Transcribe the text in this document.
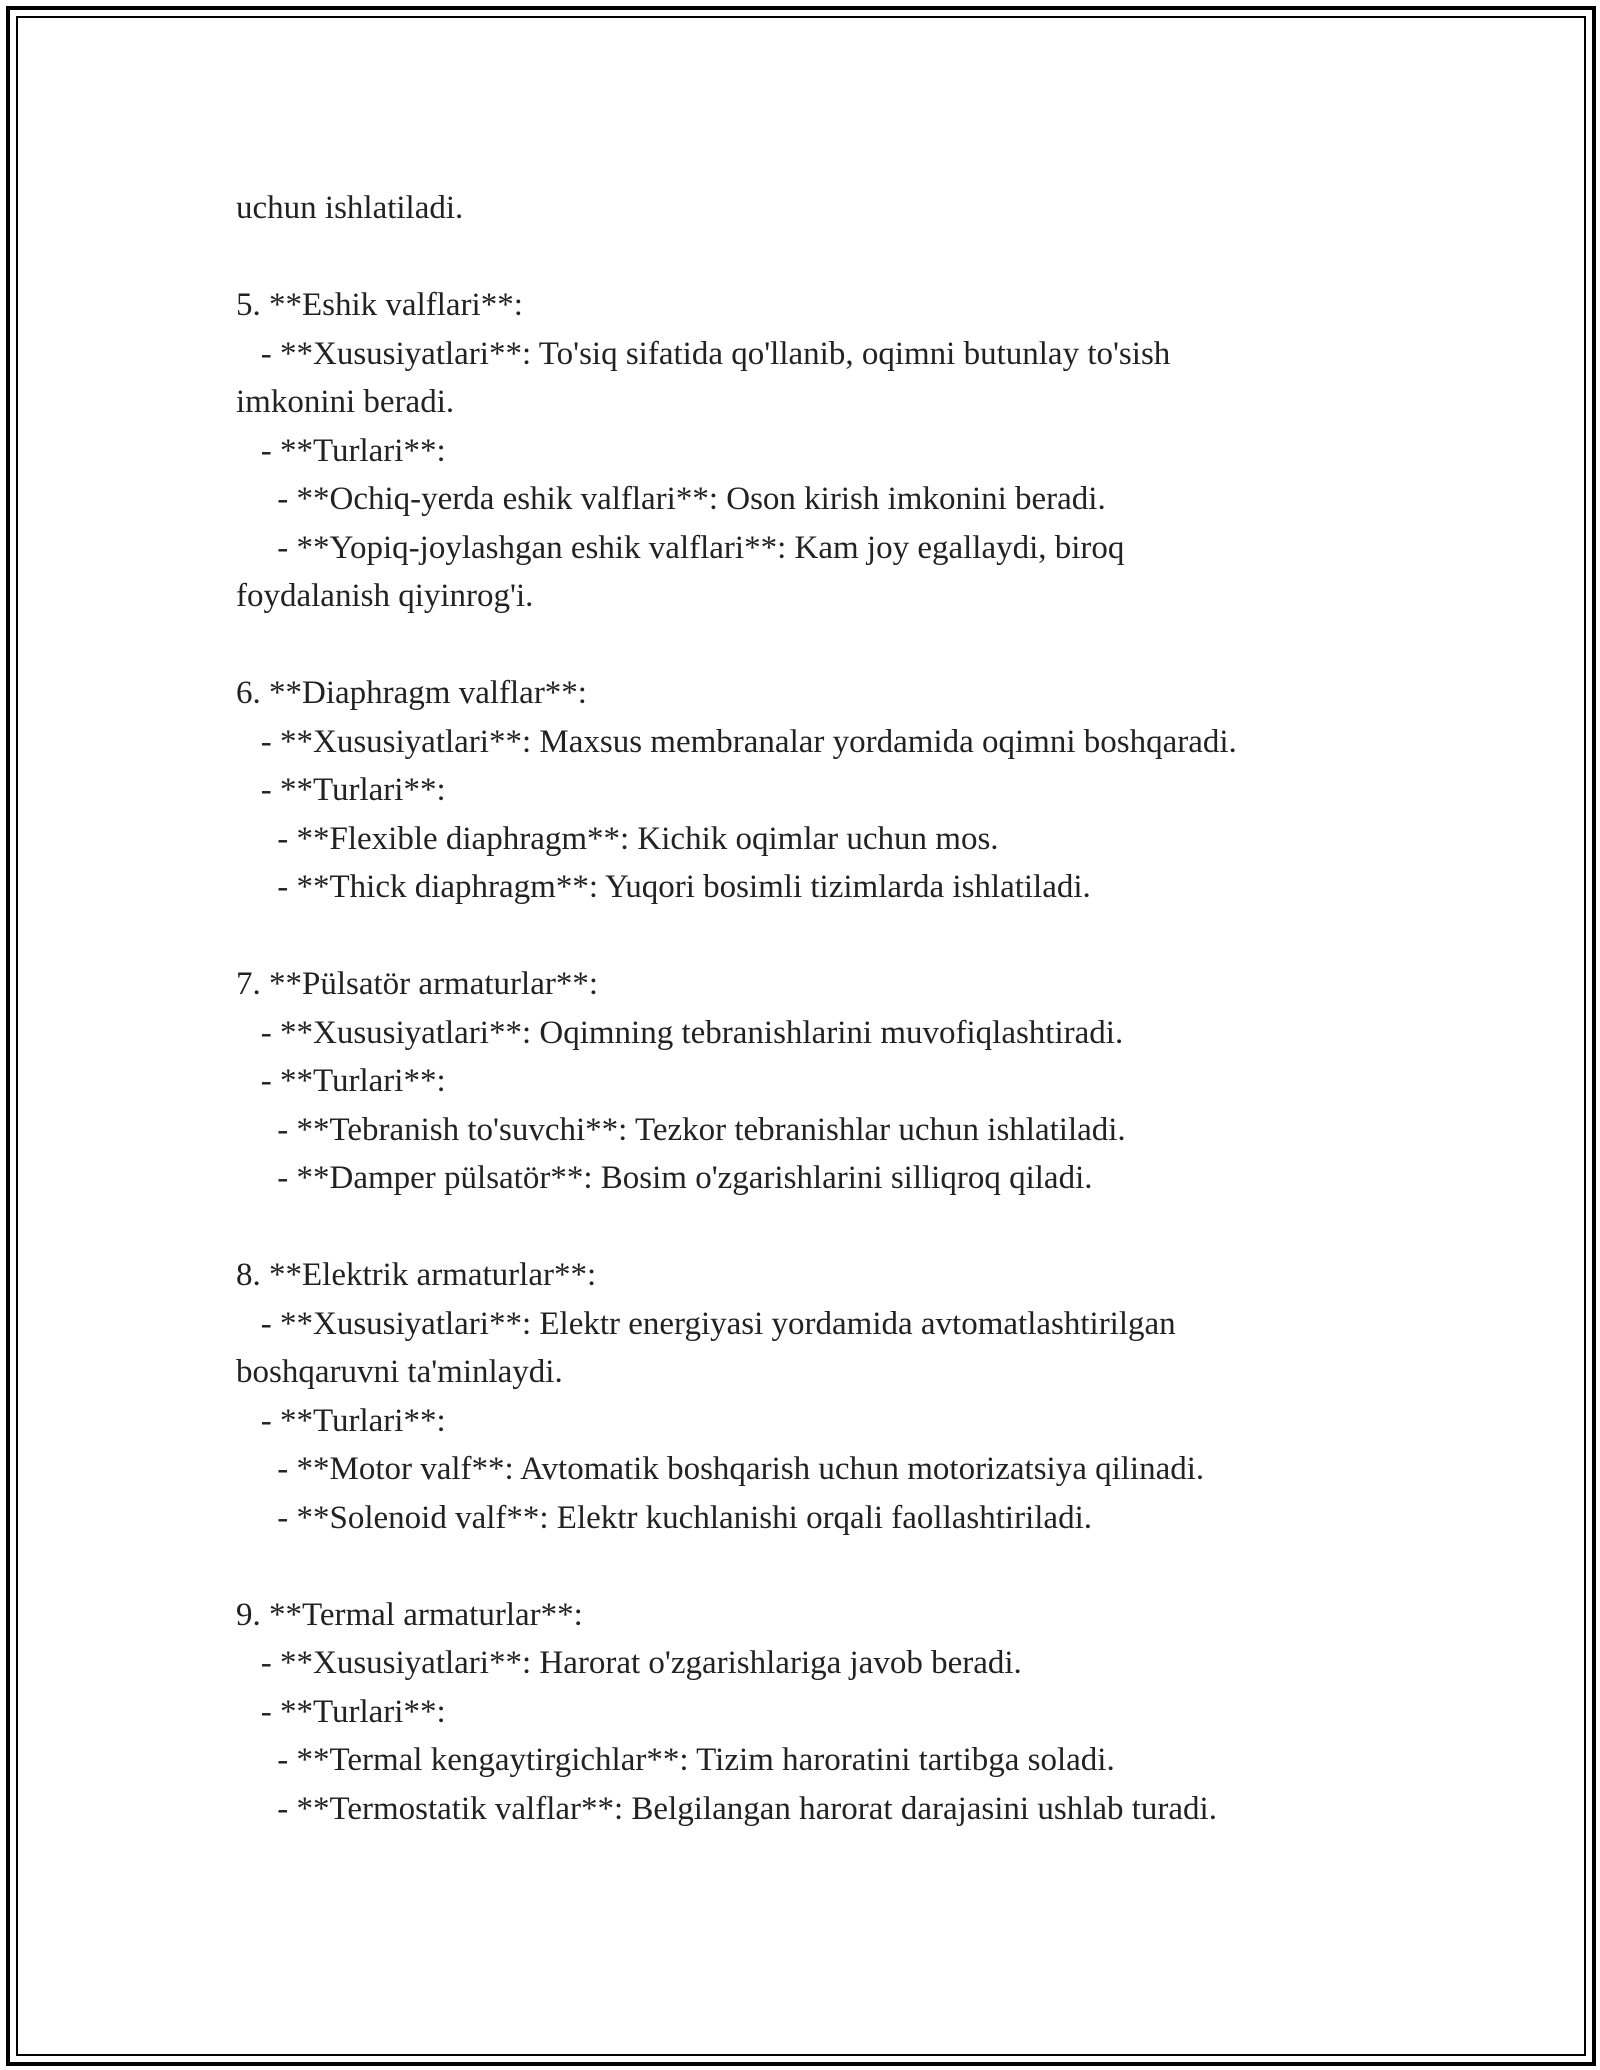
uchun ishlatiladi.
5. **Eshik valflari**:
- **Xususiyatlari**: To'siq sifatida qo'llanib, oqimni butunlay to'sish
imkonini beradi.
- **Turlari**:
- **Ochiq-yerda eshik valflari**: Oson kirish imkonini beradi.
- **Yopiq-joylashgan eshik valflari**: Kam joy egallaydi, biroq
foydalanish qiyinrog'i.
6. **Diaphragm valflar**:
- **Xususiyatlari**: Maxsus membranalar yordamida oqimni boshqaradi.
- **Turlari**:
- **Flexible diaphragm**: Kichik oqimlar uchun mos.
- **Thick diaphragm**: Yuqori bosimli tizimlarda ishlatiladi.
7. **Pülsatör armaturlar**:
- **Xususiyatlari**: Oqimning tebranishlarini muvofiqlashtiradi.
- **Turlari**:
- **Tebranish to'suvchi**: Tezkor tebranishlar uchun ishlatiladi.
- **Damper pülsatör**: Bosim o'zgarishlarini silliqroq qiladi.
8. **Elektrik armaturlar**:
- **Xususiyatlari**: Elektr energiyasi yordamida avtomatlashtirilgan
boshqaruvni ta'minlaydi.
- **Turlari**:
- **Motor valf**: Avtomatik boshqarish uchun motorizatsiya qilinadi.
- **Solenoid valf**: Elektr kuchlanishi orqali faollashtiriladi.
9. **Termal armaturlar**:
- **Xususiyatlari**: Harorat o'zgarishlariga javob beradi.
- **Turlari**:
- **Termal kengaytirgichlar**: Tizim haroratini tartibga soladi.
- **Termostatik valflar**: Belgilangan harorat darajasini ushlab turadi.
